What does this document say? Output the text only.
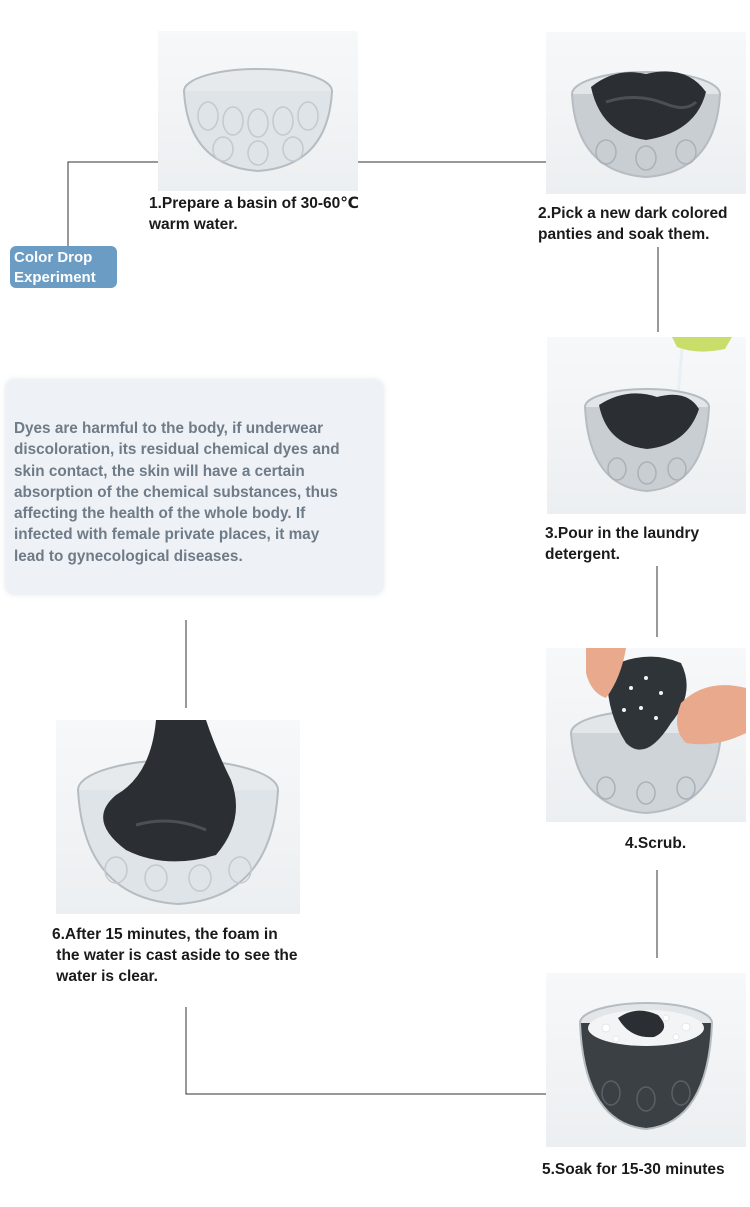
Color Drop
Experiment
Dyes are harmful to the body, if underwear
discoloration, its residual chemical dyes and
skin contact, the skin will have a certain
absorption of the chemical substances, thus
affecting the health of the whole body. If
infected with female private places, it may
lead to gynecological diseases.
1.Prepare a basin of 30-60℃
warm water.
2.Pick a new dark colored
panties and soak them.
3.Pour in the laundry
detergent.
4.Scrub.
5.Soak for 15-30 minutes
6.After 15 minutes, the foam in
the water is cast aside to see the
water is clear.
